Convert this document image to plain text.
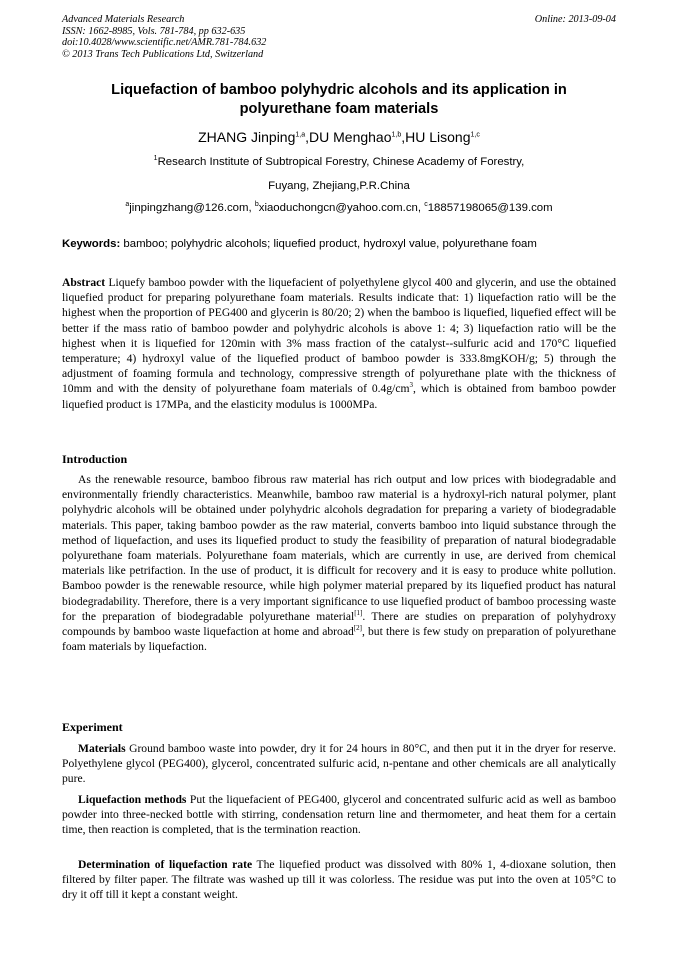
Advanced Materials Research
ISSN: 1662-8985, Vols. 781-784, pp 632-635
doi:10.4028/www.scientific.net/AMR.781-784.632
© 2013 Trans Tech Publications Ltd, Switzerland
Online: 2013-09-04
Liquefaction of bamboo polyhydric alcohols and its application in
polyurethane foam materials
ZHANG Jinping$^{1,a}$,DU Menghao$^{1,b}$,HU Lisong$^{1,c}$
$^1$Research Institute of Subtropical Forestry, Chinese Academy of Forestry,
Fuyang, Zhejiang,P.R.China
$^a$jinpingzhang@126.com, $^b$xiaoduchongcn@yahoo.com.cn, $^c$18857198065@139.com
Keywords: bamboo; polyhydric alcohols; liquefied product, hydroxyl value, polyurethane foam
Abstract Liquefy bamboo powder with the liquefacient of polyethylene glycol 400 and glycerin, and use the obtained liquefied product for preparing polyurethane foam materials. Results indicate that: 1) liquefaction ratio will be the highest when the proportion of PEG400 and glycerin is 80/20; 2) when the bamboo is liquefied, liquefied effect will be better if the mass ratio of bamboo powder and polyhydric alcohols is above 1: 4; 3) liquefaction ratio will be the highest when it is liquefied for 120min with 3% mass fraction of the catalyst--sulfuric acid and 170°C liquefied temperature; 4) hydroxyl value of the liquefied product of bamboo powder is 333.8mgKOH/g; 5) through the adjustment of foaming formula and technology, compressive strength of polyurethane plate with the thickness of 10mm and with the density of polyurethane foam materials of $0.4g/cm^3$, which is obtained from bamboo powder liquefied product is 17MPa, and the elasticity modulus is 1000MPa.
Introduction
As the renewable resource, bamboo fibrous raw material has rich output and low prices with biodegradable and environmentally friendly characteristics. Meanwhile, bamboo raw material is a hydroxyl-rich natural polymer, plant polyhydric alcohols will be obtained under polyhydric alcohols degradation for preparing a variety of biodegradable materials. This paper, taking bamboo powder as the raw material, converts bamboo into liquid substance through the method of liquefaction, and uses its liquefied product to study the feasibility of preparation of natural biodegradable polyurethane foam materials. Polyurethane foam materials, which are currently in use, are derived from chemical materials like petrifaction. In the use of product, it is difficult for recovery and it is easy to produce white pollution. Bamboo powder is the renewable resource, while high polymer material prepared by its liquefied product has natural biodegradability. Therefore, there is a very important significance to use liquefied product of bamboo processing waste for the preparation of biodegradable polyurethane material[1]. There are studies on preparation of polyhydroxy compounds by bamboo waste liquefaction at home and abroad[2], but there is few study on preparation of polyurethane foam materials by liquefaction.
Experiment
Materials Ground bamboo waste into powder, dry it for 24 hours in 80°C, and then put it in the dryer for reserve. Polyethylene glycol (PEG400), glycerol, concentrated sulfuric acid, n-pentane and other chemicals are all analytically pure.
Liquefaction methods Put the liquefacient of PEG400, glycerol and concentrated sulfuric acid as well as bamboo powder into three-necked bottle with stirring, condensation return line and thermometer, and heat them for a certain time, then reaction is completed, that is the termination reaction.
Determination of liquefaction rate The liquefied product was dissolved with 80% 1, 4-dioxane solution, then filtered by filter paper. The filtrate was washed up till it was colorless. The residue was put into the oven at 105°C to dry it off till it kept a constant weight.
